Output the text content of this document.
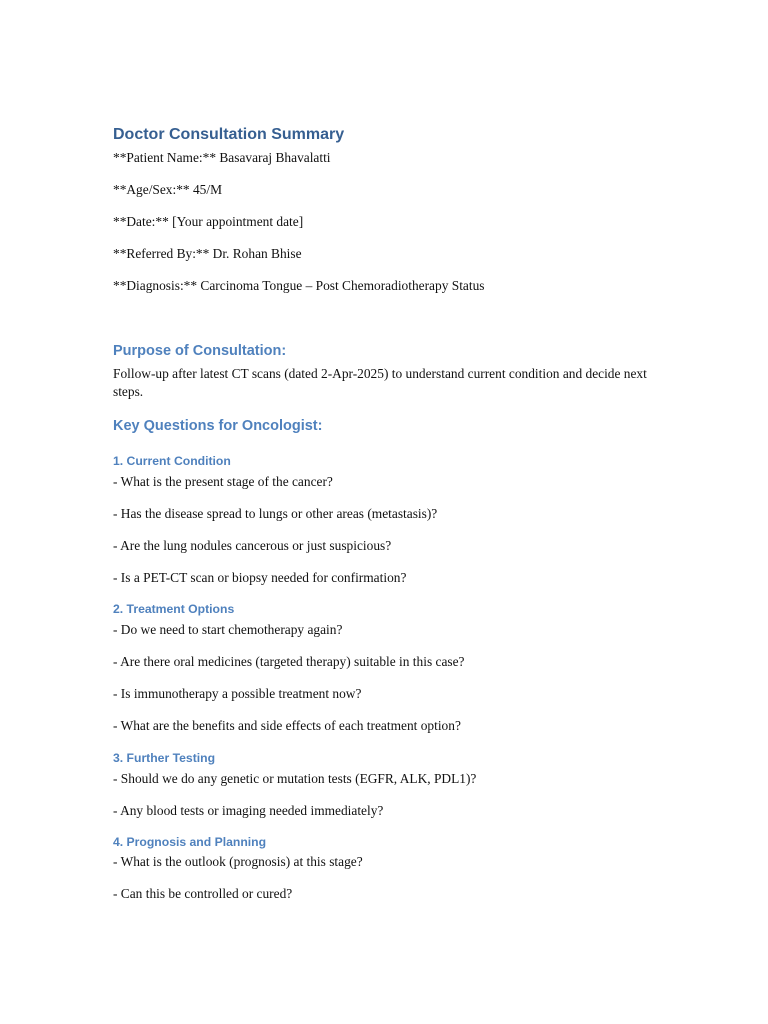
Doctor Consultation Summary
**Patient Name:** Basavaraj Bhavalatti
**Age/Sex:** 45/M
**Date:** [Your appointment date]
**Referred By:** Dr. Rohan Bhise
**Diagnosis:** Carcinoma Tongue – Post Chemoradiotherapy Status
Purpose of Consultation:
Follow-up after latest CT scans (dated 2-Apr-2025) to understand current condition and decide next steps.
Key Questions for Oncologist:
1. Current Condition
- What is the present stage of the cancer?
- Has the disease spread to lungs or other areas (metastasis)?
- Are the lung nodules cancerous or just suspicious?
- Is a PET-CT scan or biopsy needed for confirmation?
2. Treatment Options
- Do we need to start chemotherapy again?
- Are there oral medicines (targeted therapy) suitable in this case?
- Is immunotherapy a possible treatment now?
- What are the benefits and side effects of each treatment option?
3. Further Testing
- Should we do any genetic or mutation tests (EGFR, ALK, PDL1)?
- Any blood tests or imaging needed immediately?
4. Prognosis and Planning
- What is the outlook (prognosis) at this stage?
- Can this be controlled or cured?
